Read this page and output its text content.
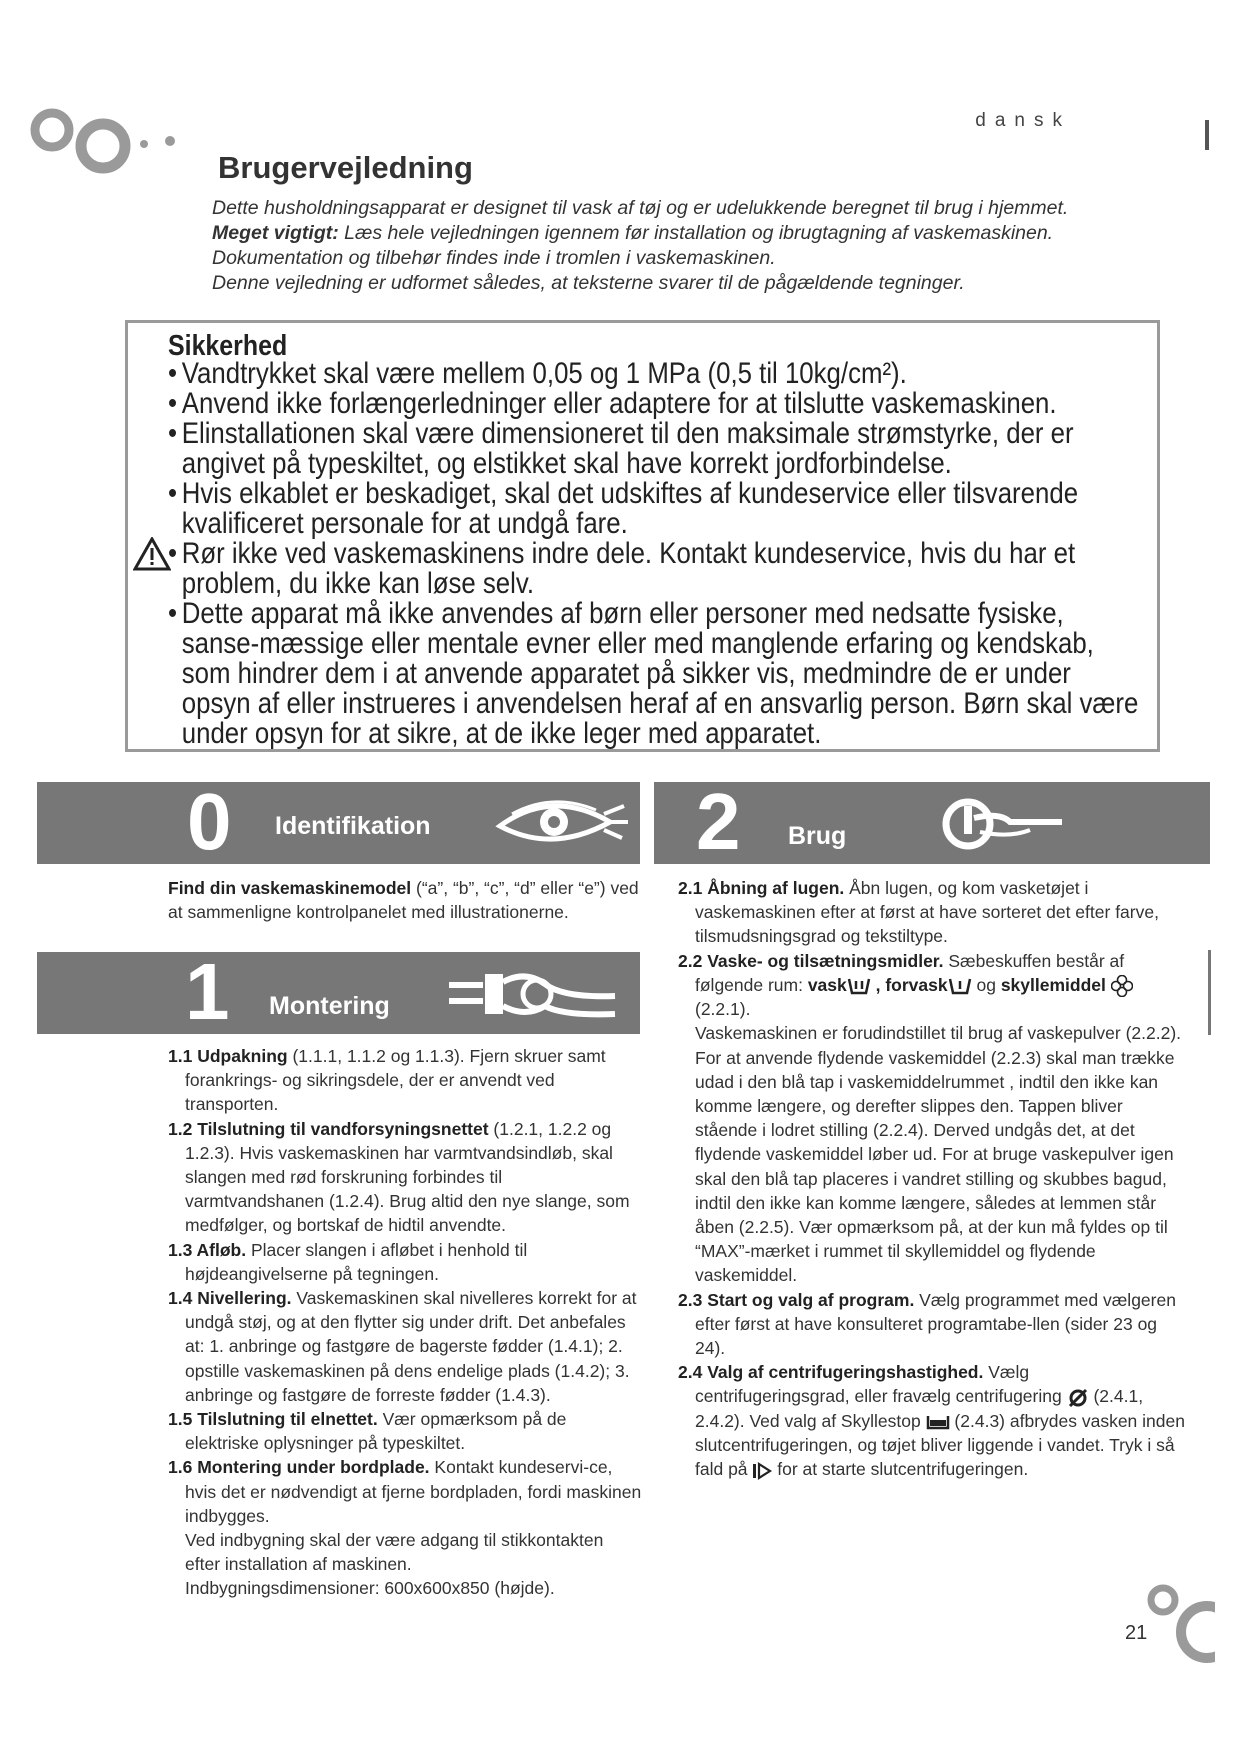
dansk
Brugervejledning
Dette husholdningsapparat er designet til vask af tøj og er udelukkende beregnet til brug i hjemmet.
Meget vigtigt: Læs hele vejledningen igennem før installation og ibrugtagning af vaskemaskinen.
Dokumentation og tilbehør findes inde i tromlen i vaskemaskinen.
Denne vejledning er udformet således, at teksterne svarer til de pågældende tegninger.
Sikkerhed
• Vandtrykket skal være mellem 0,05 og 1 MPa (0,5 til 10kg/cm²).
• Anvend ikke forlængerledninger eller adaptere for at tilslutte vaskemaskinen.
• Elinstallationen skal være dimensioneret til den maksimale strømstyrke, der er angivet på typeskiltet, og elstikket skal have korrekt jordforbindelse.
• Hvis elkablet er beskadiget, skal det udskiftes af kundeservice eller tilsvarende kvalificeret personale for at undgå fare.
• Rør ikke ved vaskemaskinens indre dele. Kontakt kundeservice, hvis du har et problem, du ikke kan løse selv.
• Dette apparat må ikke anvendes af børn eller personer med nedsatte fysiske, sanse-mæssige eller mentale evner eller med manglende erfaring og kendskab, som hindrer dem i at anvende apparatet på sikker vis, medmindre de er under opsyn af eller instrueres i anvendelsen heraf af en ansvarlig person. Børn skal være under opsyn for at sikre, at de ikke leger med apparatet.
0 Identifikation

Find din vaskemaskinemodel (“a”, “b”, “c”, “d” eller “e”) ved at sammenligne kontrolpanelet med illustrationerne.

1 Montering

1.1 Udpakning (1.1.1, 1.1.2 og 1.1.3). Fjern skruer samt forankrings- og sikringsdele, der er anvendt ved transporten.

1.2 Tilslutning til vandforsyningsnettet (1.2.1, 1.2.2 og 1.2.3). Hvis vaskemaskinen har varmtvandsindløb, skal slangen med rød forskruning forbindes til varmtvandshanen (1.2.4). Brug altid den nye slange, som medfølger, og bortskaf de hidtil anvendte.

1.3 Afløb. Placer slangen i afløbet i henhold til højdeangivelserne på tegningen.

1.4 Nivellering. Vaskemaskinen skal nivelleres korrekt for at undgå støj, og at den flytter sig under drift. Det anbefales at: 1. anbringe og fastgøre de bagerste fødder (1.4.1); 2. opstille vaskemaskinen på dens endelige plads (1.4.2); 3. anbringe og fastgøre de forreste fødder (1.4.3).

1.5 Tilslutning til elnettet. Vær opmærksom på de elektriske oplysninger på typeskiltet.

1.6 Montering under bordplade. Kontakt kundeservi-ce, hvis det er nødvendigt at fjerne bordpladen, fordi maskinen indbygges.

Ved indbygning skal der være adgang til stikkontakten efter installation af maskinen.

Indbygningsdimensioner: 600x600x850 (højde).

2 Brug

2.1 Åbning af lugen. Åbn lugen, og kom vasketøjet i vaskemaskinen efter at først at have sorteret det efter farve, tilsmudsningsgrad og tekstiltype.

2.2 Vaske- og tilsætningsmidler. Sæbeskuffen består af følgende rum: vask , forvask og skyllemiddel  (2.2.1).

Vaskemaskinen er forudindstillet til brug af vaskepulver (2.2.2).

For at anvende flydende vaskemiddel (2.2.3) skal man trække udad i den blå tap i vaskemiddelrummet , indtil den ikke kan komme længere, og derefter slippes den. Tappen bliver stående i lodret stilling (2.2.4). Derved undgås det, at det flydende vaskemiddel løber ud. For at bruge vaskepulver igen skal den blå tap placeres i vandret stilling og skubbes bagud, indtil den ikke kan komme længere, således at lemmen står åben (2.2.5). Vær opmærksom på, at der kun må fyldes op til “MAX”-mærket i rummet til skyllemiddel og flydende vaskemiddel.

2.3 Start og valg af program. Vælg programmet med vælgeren efter først at have konsulteret programtabe-llen (sider 23 og 24).

2.4 Valg af centrifugeringshastighed. Vælg centrifugeringsgrad, eller fravælg centrifugering  (2.4.1, 2.4.2). Ved valg af Skyllestop  (2.4.3) afbrydes vasken inden slutcentrifugeringen, og tøjet bliver liggende i vandet. Tryk i så fald på  for at starte slutcentrifugeringen.

21
